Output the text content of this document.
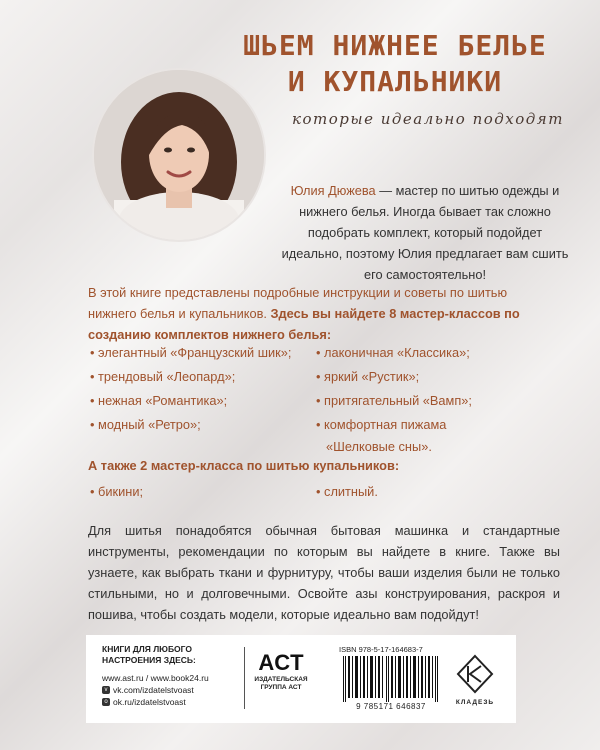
ШЬЕМ НИЖНЕЕ БЕЛЬЕ
И КУПАЛЬНИКИ
которые идеально подходят
Юлия Дюжева — мастер по шитью одежды и нижнего белья. Иногда бывает так сложно подобрать комплект, который подойдет идеально, поэтому Юлия предлагает вам сшить его самостоятельно!
В этой книге представлены подробные инструкции и советы по шитью нижнего белья и купальников. Здесь вы найдете 8 мастер-классов по созданию комплектов нижнего белья:
• элегантный «Французский шик»;
• трендовый «Леопард»;
• нежная «Романтика»;
• модный «Ретро»;
• лаконичная «Классика»;
• яркий «Рустик»;
• притягательный «Вамп»;
• комфортная пижама «Шелковые сны».
А также 2 мастер-класса по шитью купальников:
• бикини;	• слитный.
Для шитья понадобятся обычная бытовая машинка и стандартные инструменты, рекомендации по которым вы найдете в книге. Также вы узнаете, как выбрать ткани и фурнитуру, чтобы ваши изделия были не только стильными, но и долговечными. Освойте азы конструирования, раскроя и пошива, чтобы создать модели, которые идеально вам подойдут!
КНИГИ ДЛЯ ЛЮБОГО
НАСТРОЕНИЯ ЗДЕСЬ:
www.ast.ru / www.book24.ru
v vk.com/izdatelstvoast
o ok.ru/izdatelstvoast
ACT
ИЗДАТЕЛЬСКАЯ
ГРУППА АСТ
ISBN 978-5-17-164683-7
9 785171 646837	КЛАДЕЗЬ
